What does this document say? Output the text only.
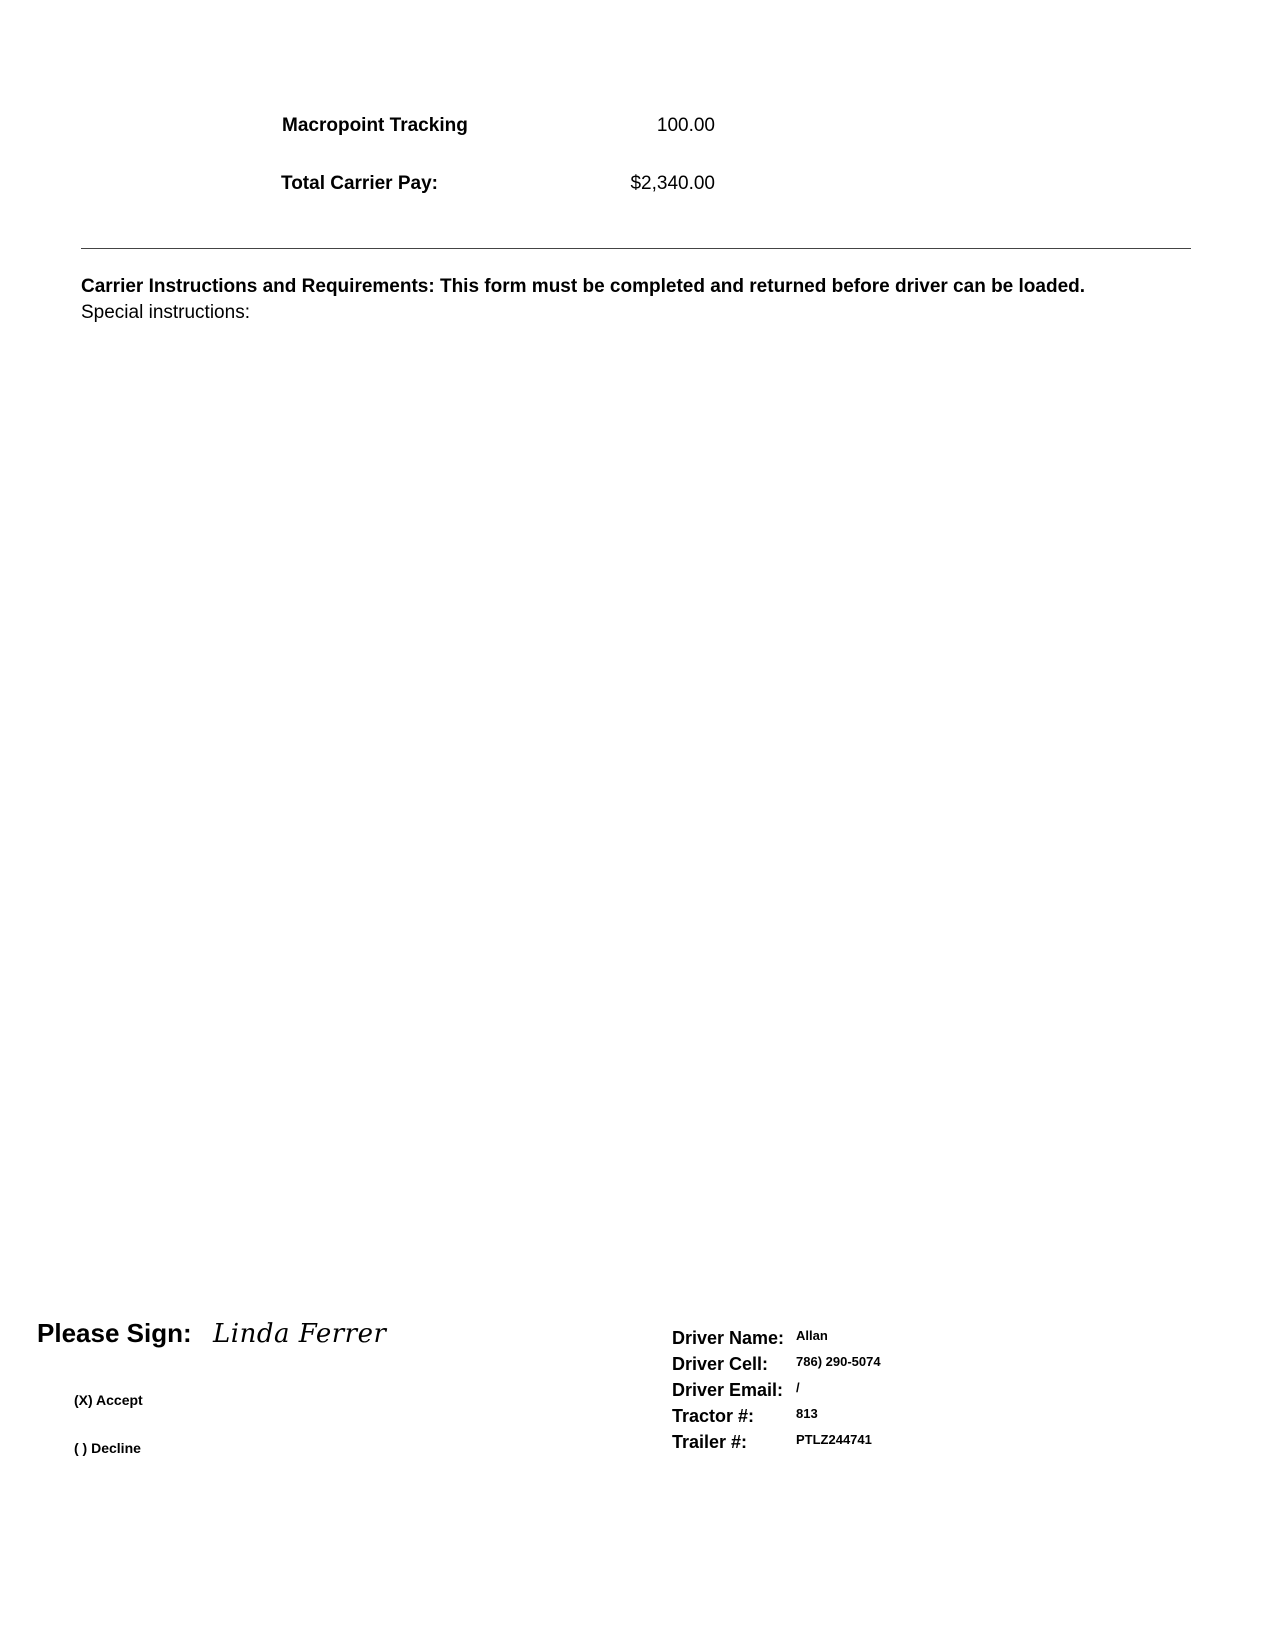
Macropoint Tracking	100.00
Total Carrier Pay:	$2,340.00
Carrier Instructions and Requirements: This form must be completed and returned before driver can be loaded.
Special instructions:
Please Sign: Linda Ferrer
(X) Accept
( ) Decline
Driver Name: Allan
Driver Cell: 786) 290-5074
Driver Email: /
Tractor #:	813
Trailer #:	PTLZ244741
